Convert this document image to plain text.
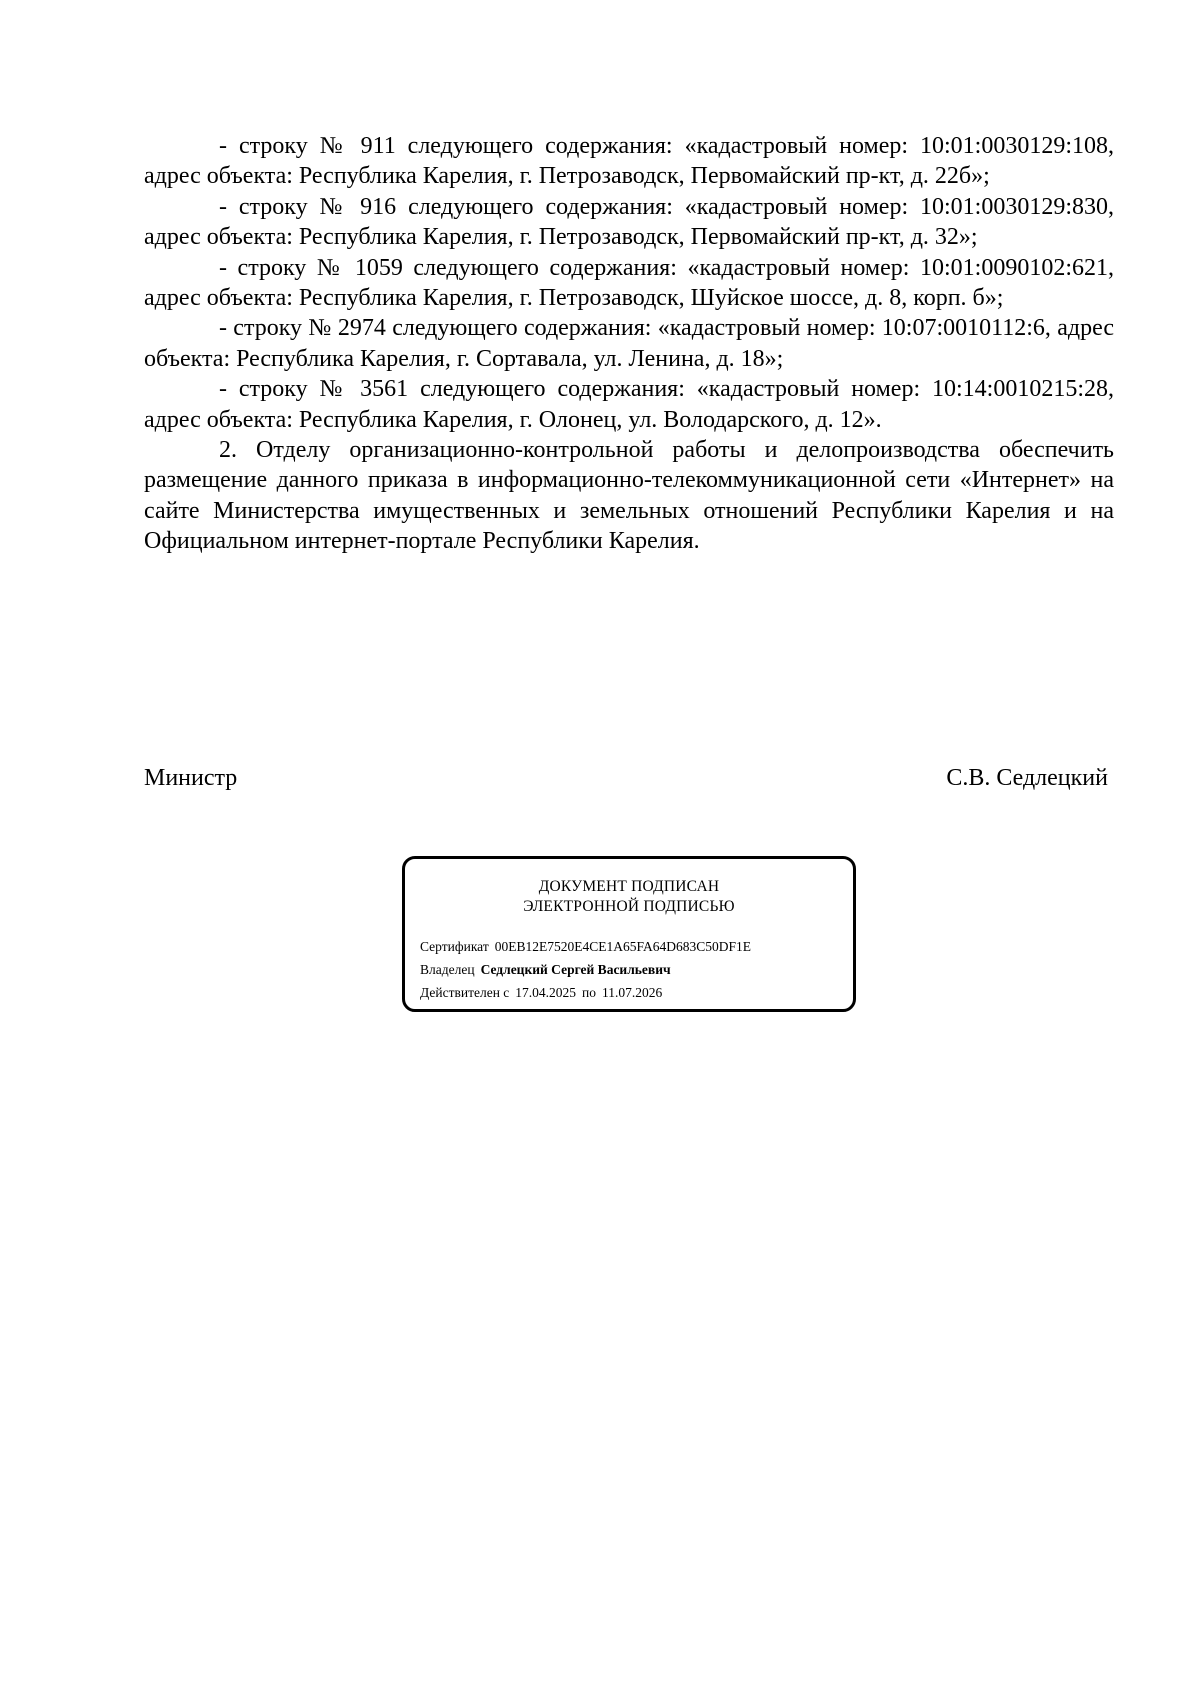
- строку № 911 следующего содержания: «кадастровый номер: 10:01:0030129:108, адрес объекта: Республика Карелия, г. Петрозаводск, Первомайский пр-кт, д. 22б»;

- строку № 916 следующего содержания: «кадастровый номер: 10:01:0030129:830, адрес объекта: Республика Карелия, г. Петрозаводск, Первомайский пр-кт, д. 32»;

- строку № 1059 следующего содержания: «кадастровый номер: 10:01:0090102:621, адрес объекта: Республика Карелия, г. Петрозаводск, Шуйское шоссе, д. 8, корп. б»;

- строку № 2974 следующего содержания: «кадастровый номер: 10:07:0010112:6, адрес объекта: Республика Карелия, г. Сортавала, ул. Ленина, д. 18»;

- строку № 3561 следующего содержания: «кадастровый номер: 10:14:0010215:28, адрес объекта: Республика Карелия, г. Олонец, ул. Володарского, д. 12».

2. Отделу организационно-контрольной работы и делопроизводства обеспечить размещение данного приказа в информационно-телекоммуникационной сети «Интернет» на сайте Министерства имущественных и земельных отношений Республики Карелия и на Официальном интернет-портале Республики Карелия.

Министр	С.В. Седлецкий
ДОКУМЕНТ ПОДПИСАН
ЭЛЕКТРОННОЙ ПОДПИСЬЮ
Сертификат 00EB12E7520E4CE1A65FA64D683C50DF1E
Владелец Седлецкий Сергей Васильевич
Действителен с 17.04.2025 по 11.07.2026
